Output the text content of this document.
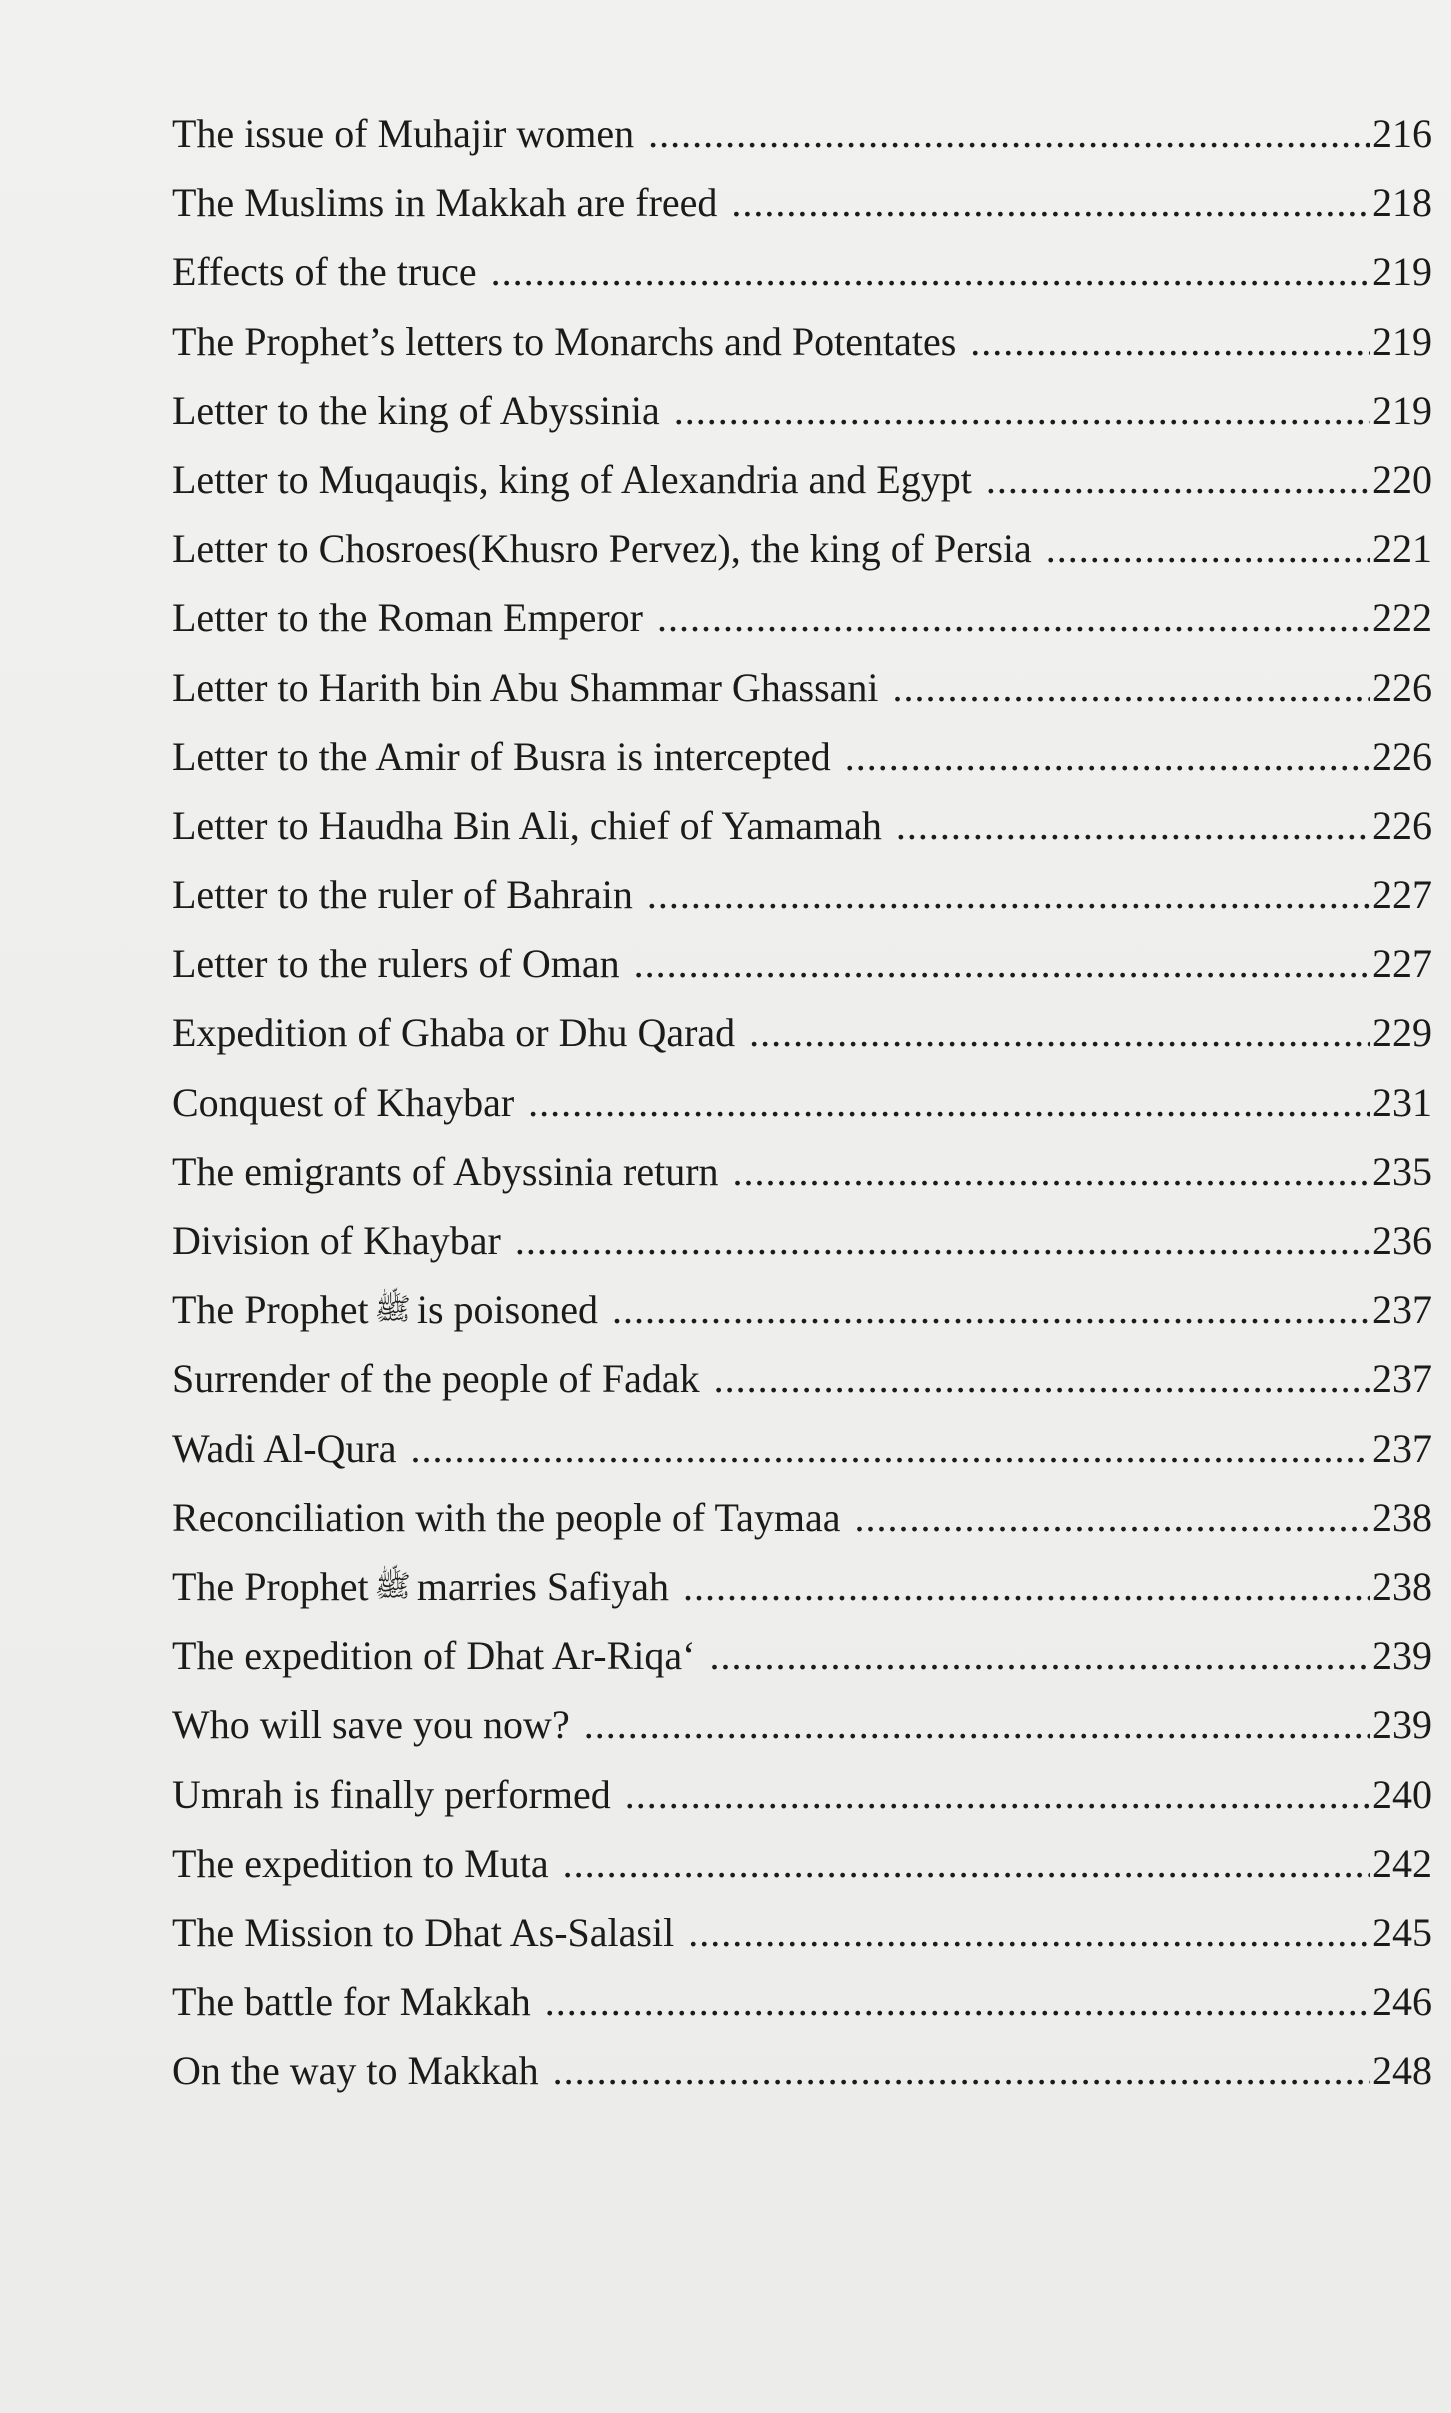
The issue of Muhajir women .....	216
The Muslims in Makkah are freed .....	218
Effects of the truce .....	219
The Prophet’s letters to Monarchs and Potentates .....	219
Letter to the king of Abyssinia .....	219
Letter to Muqauqis, king of Alexandria and Egypt .....	220
Letter to Chosroes(Khusro Pervez), the king of Persia .....	221
Letter to the Roman Emperor .....	222
Letter to Harith bin Abu Shammar Ghassani .....	226
Letter to the Amir of Busra is intercepted .....	226
Letter to Haudha Bin Ali, chief of Yamamah .....	226
Letter to the ruler of Bahrain .....	227
Letter to the rulers of Oman .....	227
Expedition of Ghaba or Dhu Qarad .....	229
Conquest of Khaybar .....	231
The emigrants of Abyssinia return .....	235
Division of Khaybar .....	236
The Prophet ﷺ is poisoned .....	237
Surrender of the people of Fadak .....	237
Wadi Al-Qura .....	237
Reconciliation with the people of Taymaa .....	238
The Prophet ﷺ marries Safiyah .....	238
The expedition of Dhat Ar-Riqa‘ .....	239
Who will save you now? .....	239
Umrah is finally performed .....	240
The expedition to Muta .....	242
The Mission to Dhat As-Salasil .....	245
The battle for Makkah .....	246
On the way to Makkah .....	248
